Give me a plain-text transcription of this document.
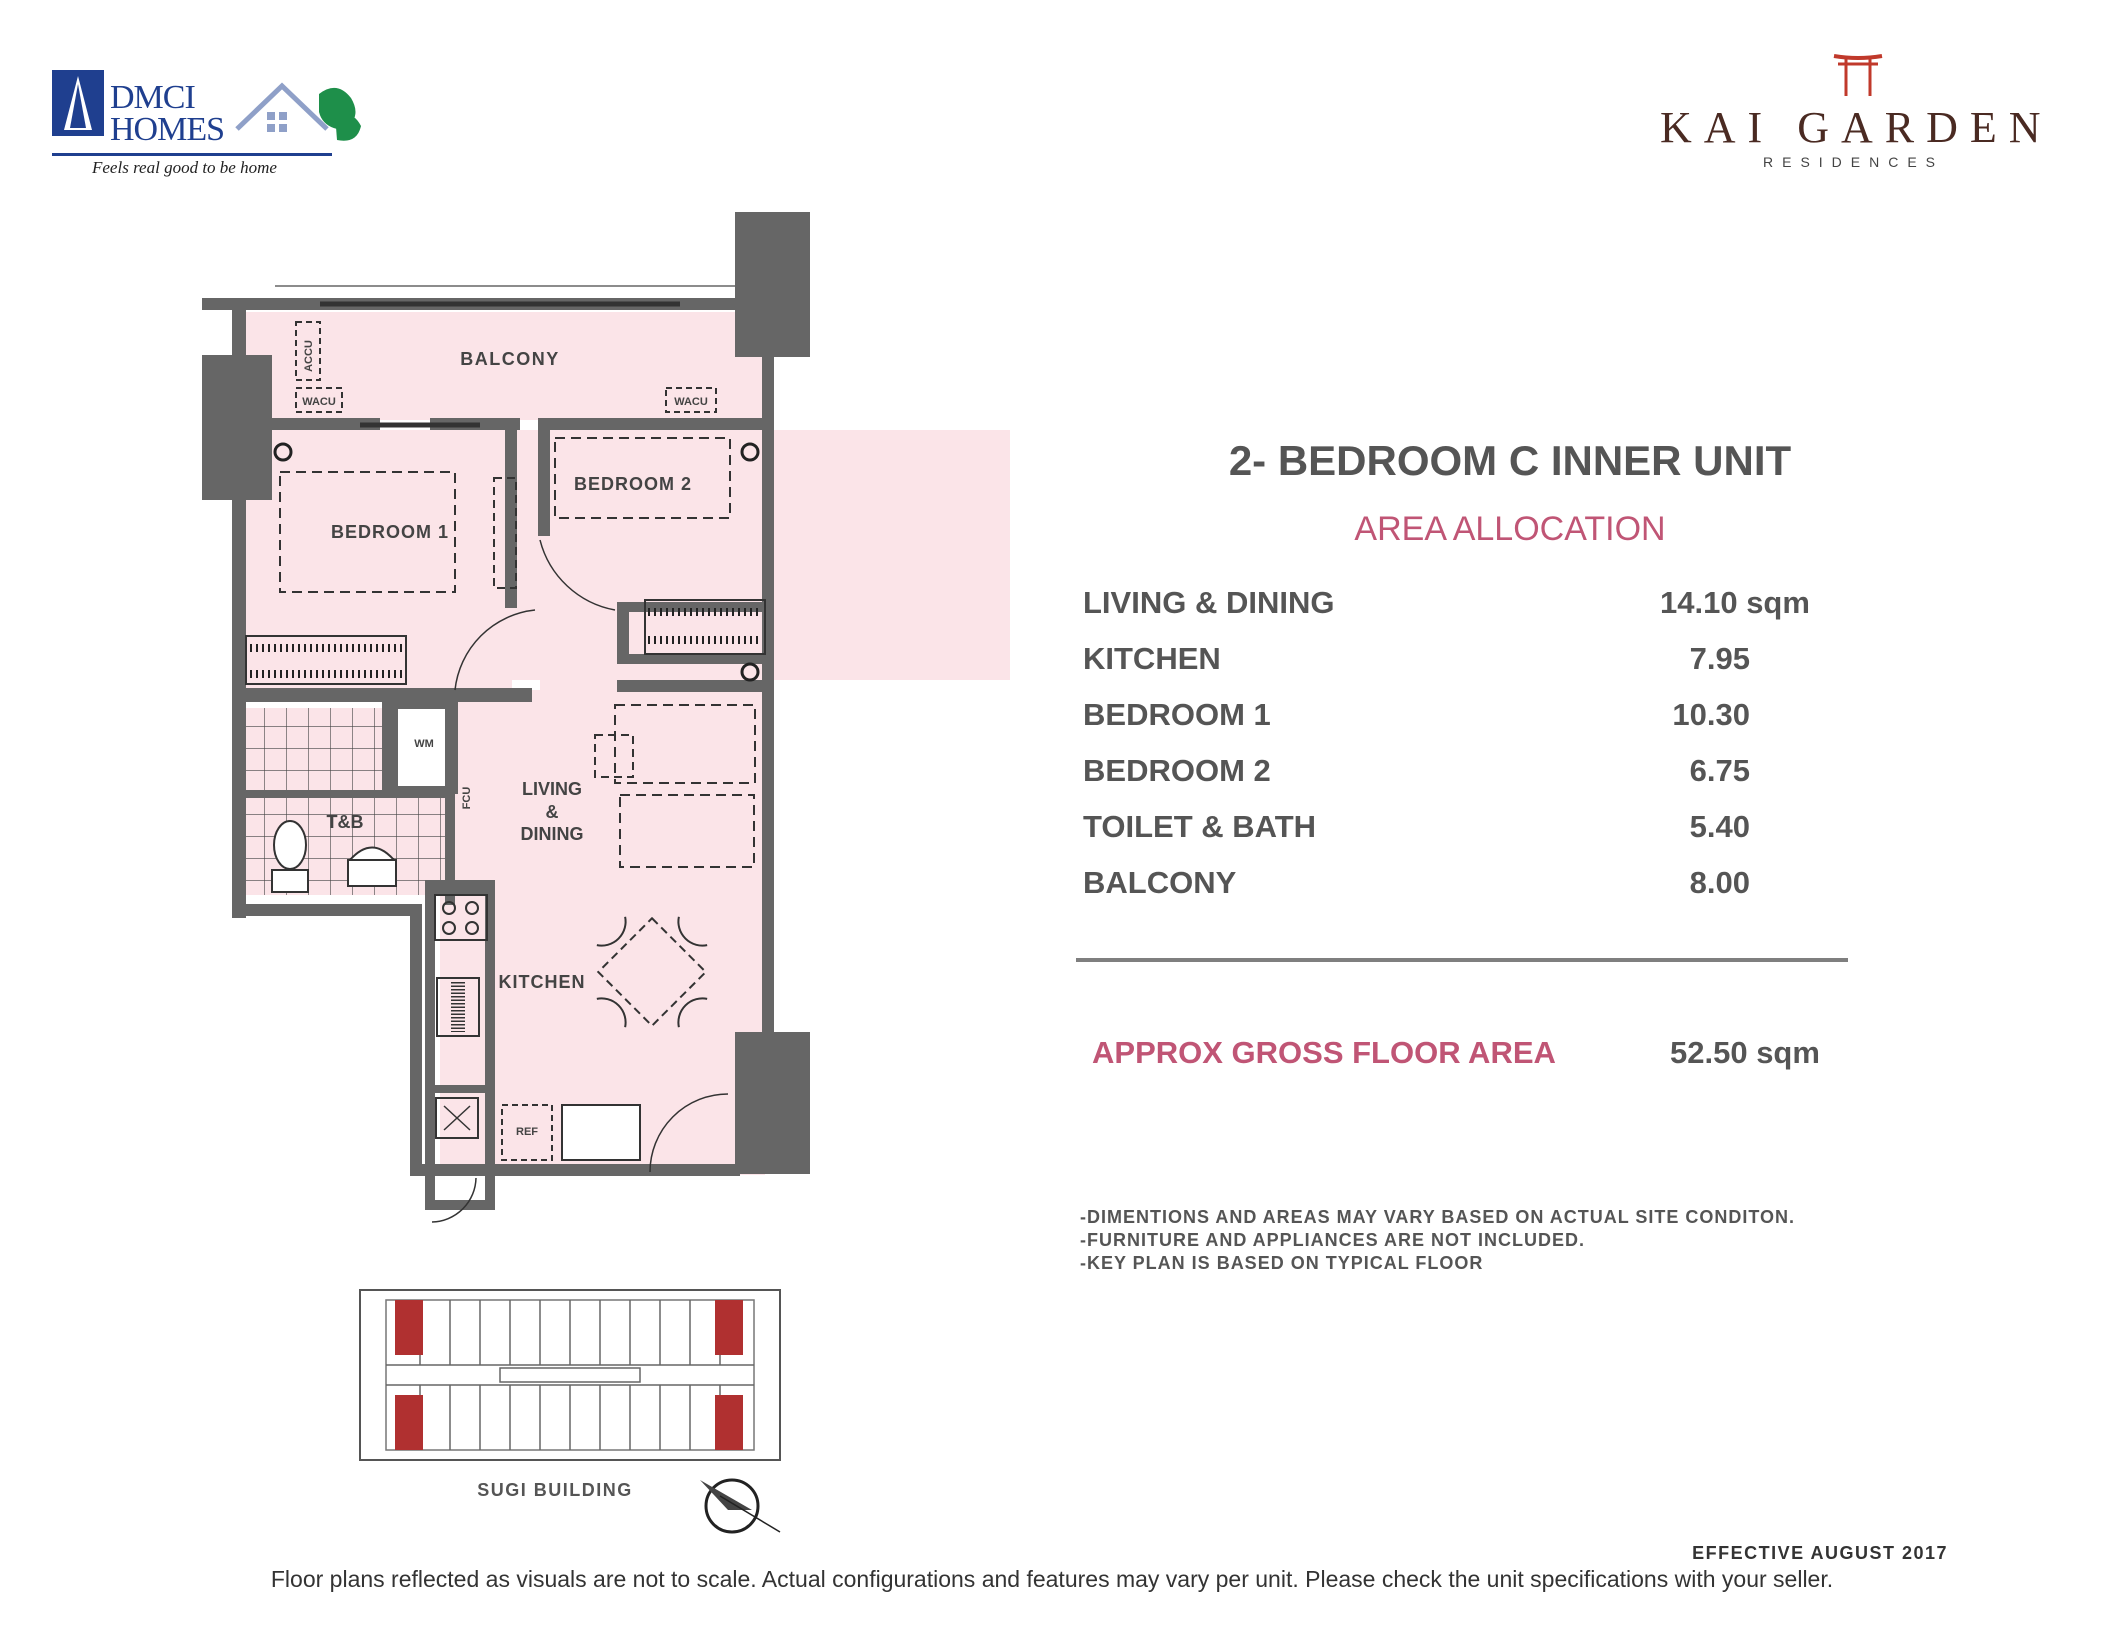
DMCI
HOMES
Feels real good to be home
KAI GARDEN
RESIDENCES
BALCONY
ACCU
WACU	WACU
BEDROOM 1
BEDROOM 2
LIVING
&
DINING
T&B
WM
FCU
KITCHEN
REF
SUGI BUILDING
2- BEDROOM C INNER UNIT
AREA ALLOCATION
LIVING & DINING	14.10 sqm
KITCHEN	7.95
BEDROOM 1	10.30
BEDROOM 2	6.75
TOILET & BATH	5.40
BALCONY	8.00
APPROX GROSS FLOOR AREA	52.50 sqm
-DIMENTIONS AND AREAS MAY VARY BASED ON ACTUAL SITE CONDITON.
-FURNITURE AND APPLIANCES ARE NOT INCLUDED.
-KEY PLAN IS BASED ON TYPICAL FLOOR
EFFECTIVE AUGUST 2017
Floor plans reflected as visuals are not to scale. Actual configurations and features may vary per unit. Please check the unit specifications with your seller.
